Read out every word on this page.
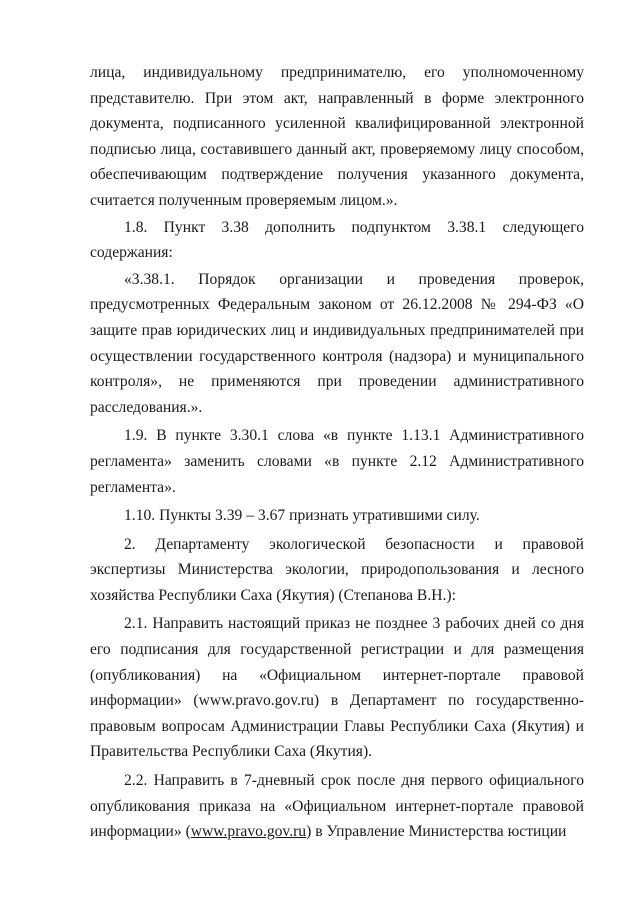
лица, индивидуальному предпринимателю, его уполномоченному представителю. При этом акт, направленный в форме электронного документа, подписанного усиленной квалифицированной электронной подписью лица, составившего данный акт, проверяемому лицу способом, обеспечивающим подтверждение получения указанного документа, считается полученным проверяемым лицом.».

1.8. Пункт 3.38 дополнить подпунктом 3.38.1 следующего содержания:

«3.38.1. Порядок организации и проведения проверок, предусмотренных Федеральным законом от 26.12.2008 № 294-ФЗ «О защите прав юридических лиц и индивидуальных предпринимателей при осуществлении государственного контроля (надзора) и муниципального контроля», не применяются при проведении административного расследования.».

1.9. В пункте 3.30.1 слова «в пункте 1.13.1 Административного регламента» заменить словами «в пункте 2.12 Административного регламента».

1.10. Пункты 3.39 – 3.67 признать утратившими силу.

2. Департаменту экологической безопасности и правовой экспертизы Министерства экологии, природопользования и лесного хозяйства Республики Саха (Якутия) (Степанова В.Н.):

2.1. Направить настоящий приказ не позднее 3 рабочих дней со дня его подписания для государственной регистрации и для размещения (опубликования) на «Официальном интернет-портале правовой информации» (www.pravo.gov.ru) в Департамент по государственно-правовым вопросам Администрации Главы Республики Саха (Якутия) и Правительства Республики Саха (Якутия).

2.2. Направить в 7-дневный срок после дня первого официального опубликования приказа на «Официальном интернет-портале правовой информации» (www.pravo.gov.ru) в Управление Министерства юстиции
